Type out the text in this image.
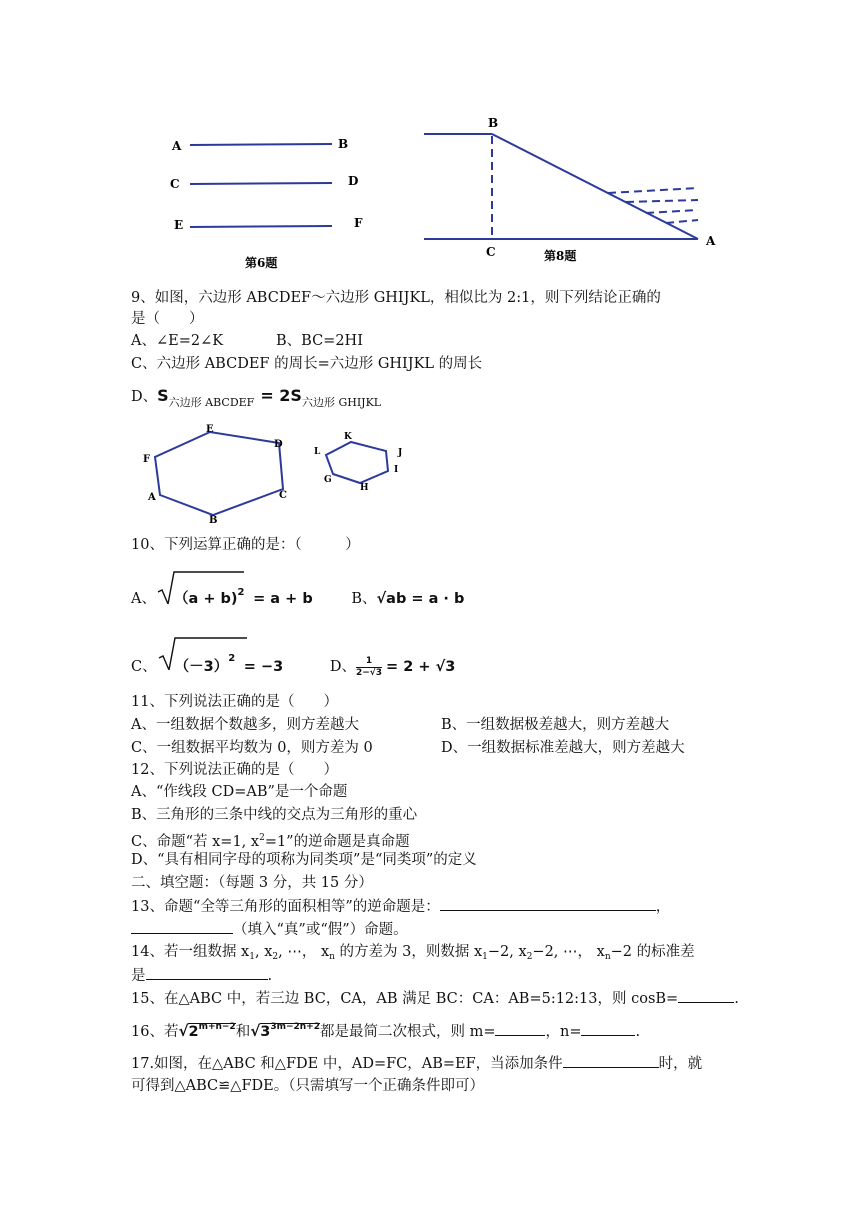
A	B
C	D
E	F
第6题
B
C
A
第8题
9、如图，六边形 ABCDEF～六边形 GHIJKL，相似比为 2:1，则下列结论正确的
是（　　）
A、∠E=2∠K	B、BC=2HI
C、六边形 ABCDEF 的周长=六边形 GHIJKL 的周长
D、$S_{六边形 ABCDEF} = 2S_{六边形 GHIJKL}$
A
B
C
D
E
F
G
H
I
J
K
L
10、下列运算正确的是：（　　　）
A、 （a + b)$^2$ = a + b	B、√ab = a · b
C、 $(-3)^2 = -3$	D、 $\frac{1}{2-√3} = 2 + √3$
11、下列说法正确的是（　　）
A、一组数据个数越多，则方差越大	B、一组数据极差越大，则方差越大
C、一组数据平均数为 0，则方差为 0	D、一组数据标准差越大，则方差越大
12、下列说法正确的是（　　）
A、“作线段 CD=AB”是一个命题
B、三角形的三条中线的交点为三角形的重心
C、命题“若 x=1, $x^2=1$”的逆命题是真命题
D、“具有相同字母的项称为同类项”是“同类项”的定义
二、填空题：（每题 3 分，共 15 分）
13、命题“全等三角形的面积相等”的逆命题是：	，
（填入“真”或“假”）命题。
14、若一组数据 $x_1$, $x_2$, ⋯， $x_n$ 的方差为 3，则数据 $x_1-2$, $x_2-2$, ⋯， $x_n-2$ 的标准差
是	.
15、在△ABC 中，若三边 BC，CA，AB 满足 BC：CA：AB=5:12:13，则 cosB=	.
16、若$√2^{m+n-2}$和$√3^{3m-2n+2}$都是最简二次根式，则 m=	，n=	.
17.如图，在△ABC 和△FDE 中，AD=FC，AB=EF，当添加条件	时，就
可得到△ABC≌△FDE。（只需填写一个正确条件即可）
